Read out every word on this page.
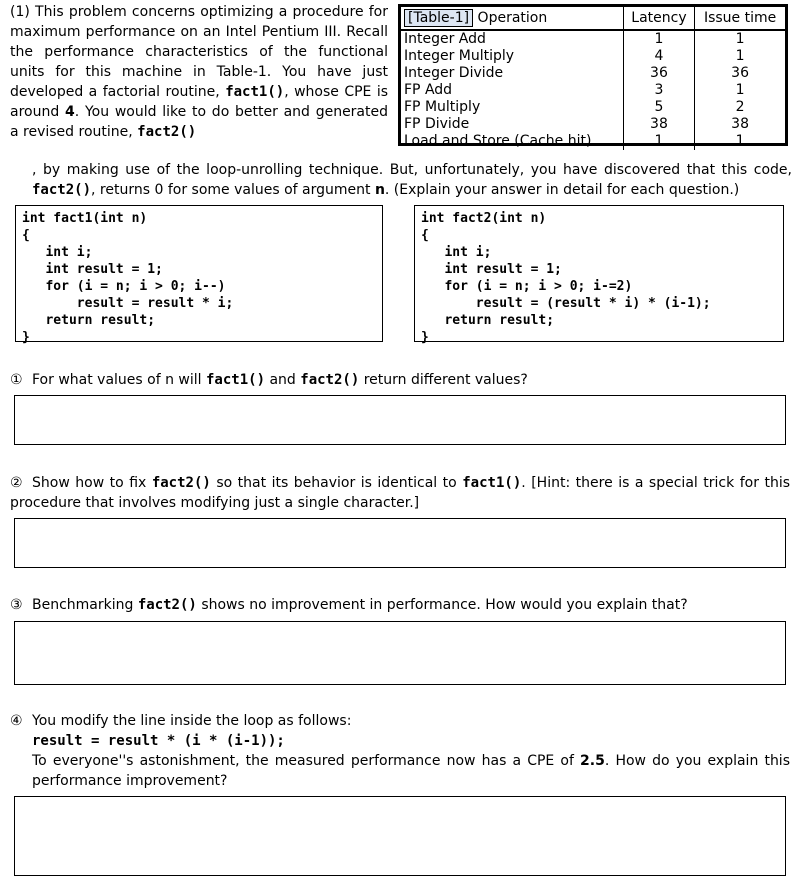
(1) This problem concerns optimizing a procedure for maximum performance on an Intel Pentium III. Recall the performance characteristics of the functional units for this machine in Table-1. You have just developed a factorial routine, fact1(), whose CPE is around 4. You would like to do better and generated a revised routine, fact2()
, by making use of the loop-unrolling technique. But, unfortunately, you have discovered that this code, fact2(), returns 0 for some values of argument n. (Explain your answer in detail for each question.)
[Table-1] Operation	Latency	Issue time
Integer Add	1	1
Integer Multiply	4	1
Integer Divide	36	36
FP Add	3	1
FP Multiply	5	2
FP Divide	38	38
Load and Store (Cache hit)	1	1
int fact1(int n)
{
int i;
int result = 1;
for (i = n; i > 0; i--)
result = result * i;
return result;
}
int fact2(int n)
{
int i;
int result = 1;
for (i = n; i > 0; i-=2)
result = (result * i) * (i-1);
return result;
}
① For what values of n will fact1() and fact2() return different values?
② Show how to fix fact2() so that its behavior is identical to fact1(). [Hint: there is a special trick for this procedure that involves modifying just a single character.]
③ Benchmarking fact2() shows no improvement in performance. How would you explain that?
④ You modify the line inside the loop as follows:
result = result * (i * (i-1));
To everyone''s astonishment, the measured performance now has a CPE of 2.5. How do you explain this performance improvement?
